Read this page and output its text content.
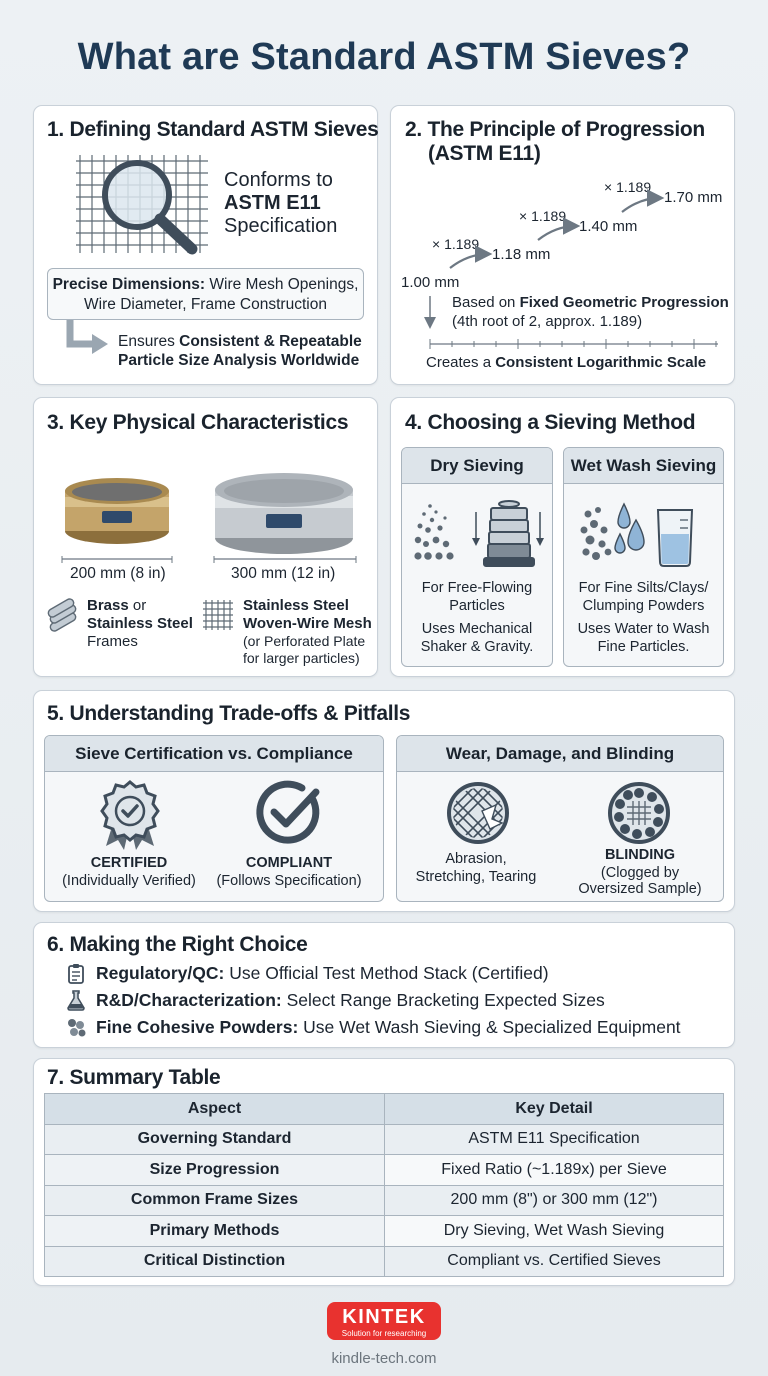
What are Standard ASTM Sieves?
1. Defining Standard ASTM Sieves
Conforms to
ASTM E11
Specification
Precise Dimensions: Wire Mesh Openings,
Wire Diameter, Frame Construction
Ensures Consistent & Repeatable
Particle Size Analysis Worldwide
2. The Principle of Progression
(ASTM E11)
1.00 mm
1.18 mm
1.40 mm
1.70 mm
× 1.189
× 1.189
× 1.189
Based on Fixed Geometric Progression
(4th root of 2, approx. 1.189)
Creates a Consistent Logarithmic Scale
3. Key Physical Characteristics
200 mm (8 in)	300 mm (12 in)
Brass or
Stainless Steel
Frames
Stainless Steel
Woven-Wire Mesh
(or Perforated Plate
for larger particles)
4. Choosing a Sieving Method
Dry Sieving
For Free-Flowing
Particles
Uses Mechanical
Shaker & Gravity.
Wet Wash Sieving
For Fine Silts/Clays/
Clumping Powders
Uses Water to Wash
Fine Particles.
5. Understanding Trade-offs & Pitfalls
Sieve Certification vs. Compliance
CERTIFIED
(Individually Verified)
COMPLIANT
(Follows Specification)
Wear, Damage, and Blinding
Abrasion,
Stretching, Tearing
BLINDING
(Clogged by
Oversized Sample)
6. Making the Right Choice
Regulatory/QC: Use Official Test Method Stack (Certified)
R&D/Characterization: Select Range Bracketing Expected Sizes
Fine Cohesive Powders: Use Wet Wash Sieving & Specialized Equipment
7. Summary Table
Aspect	Key Detail
Governing Standard	ASTM E11 Specification
Size Progression	Fixed Ratio (~1.189x) per Sieve
Common Frame Sizes	200 mm (8") or 300 mm (12")
Primary Methods	Dry Sieving, Wet Wash Sieving
Critical Distinction	Compliant vs. Certified Sieves
KINTEK
Solution for researching
kindle-tech.com
